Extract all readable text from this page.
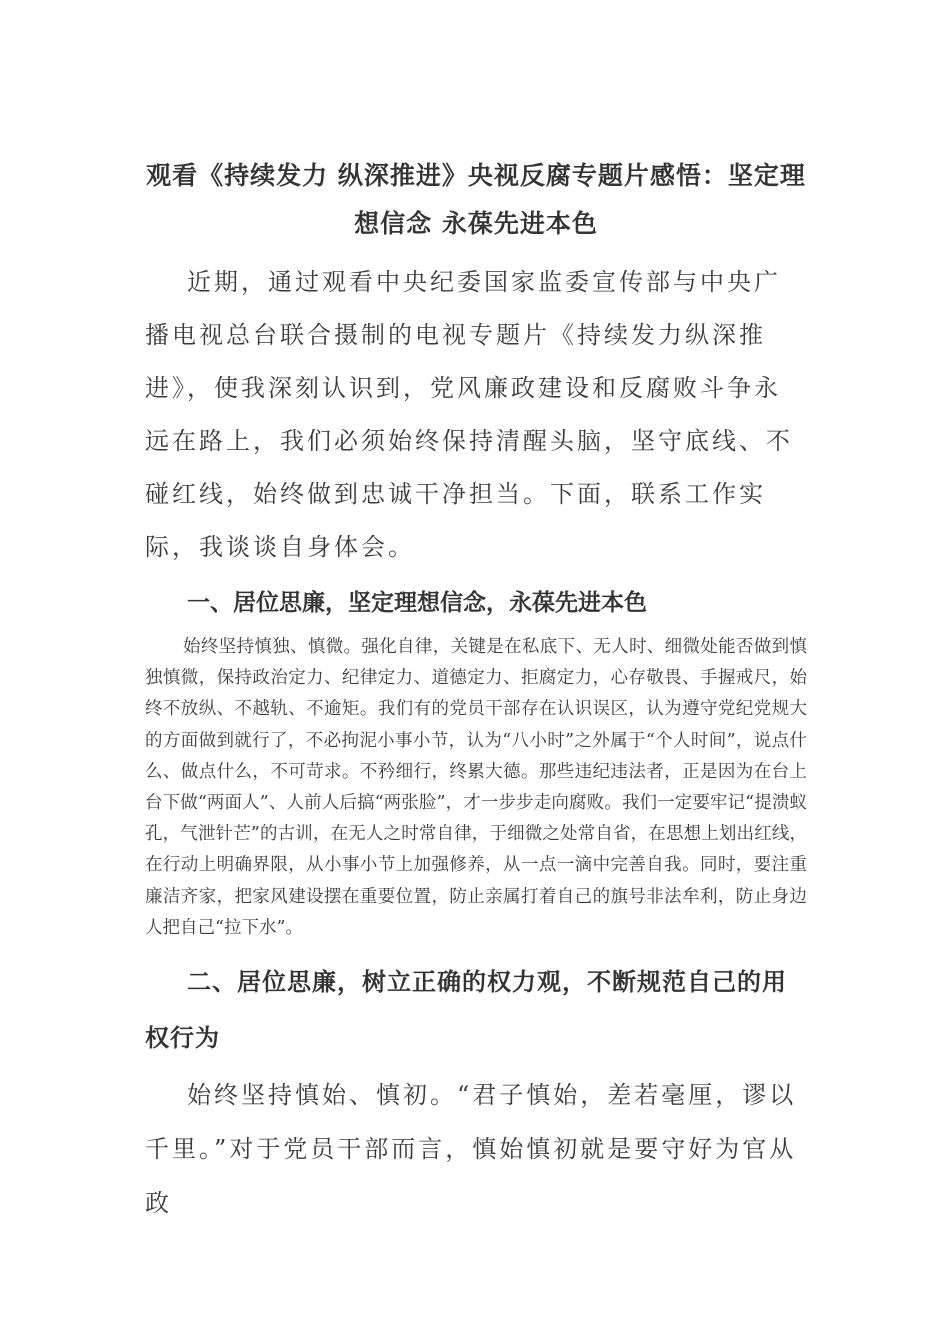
观看《持续发力 纵深推进》央视反腐专题片感悟：坚定理
想信念 永葆先进本色

近期，通过观看中央纪委国家监委宣传部与中央广播电视总台联合摄制的电视专题片《持续发力纵深推进》，使我深刻认识到，党风廉政建设和反腐败斗争永远在路上，我们必须始终保持清醒头脑，坚守底线、不碰红线，始终做到忠诚干净担当。下面，联系工作实际，我谈谈自身体会。

一、居位思廉，坚定理想信念，永葆先进本色

始终坚持慎独、慎微。强化自律，关键是在私底下、无人时、细微处能否做到慎独慎微，保持政治定力、纪律定力、道德定力、拒腐定力，心存敬畏、手握戒尺，始终不放纵、不越轨、不逾矩。我们有的党员干部存在认识误区，认为遵守党纪党规大的方面做到就行了，不必拘泥小事小节，认为“八小时”之外属于“个人时间”，说点什么、做点什么，不可苛求。不矜细行，终累大德。那些违纪违法者，正是因为在台上台下做“两面人”、人前人后搞“两张脸”，才一步步走向腐败。我们一定要牢记“提溃蚁孔，气泄针芒”的古训，在无人之时常自律，于细微之处常自省，在思想上划出红线，在行动上明确界限，从小事小节上加强修养，从一点一滴中完善自我。同时，要注重廉洁齐家，把家风建设摆在重要位置，防止亲属打着自己的旗号非法牟利，防止身边人把自己“拉下水”。

二、居位思廉，树立正确的权力观，不断规范自己的用权行为

始终坚持慎始、慎初。“君子慎始，差若毫厘，谬以千里。”对于党员干部而言，慎始慎初就是要守好为官从政
